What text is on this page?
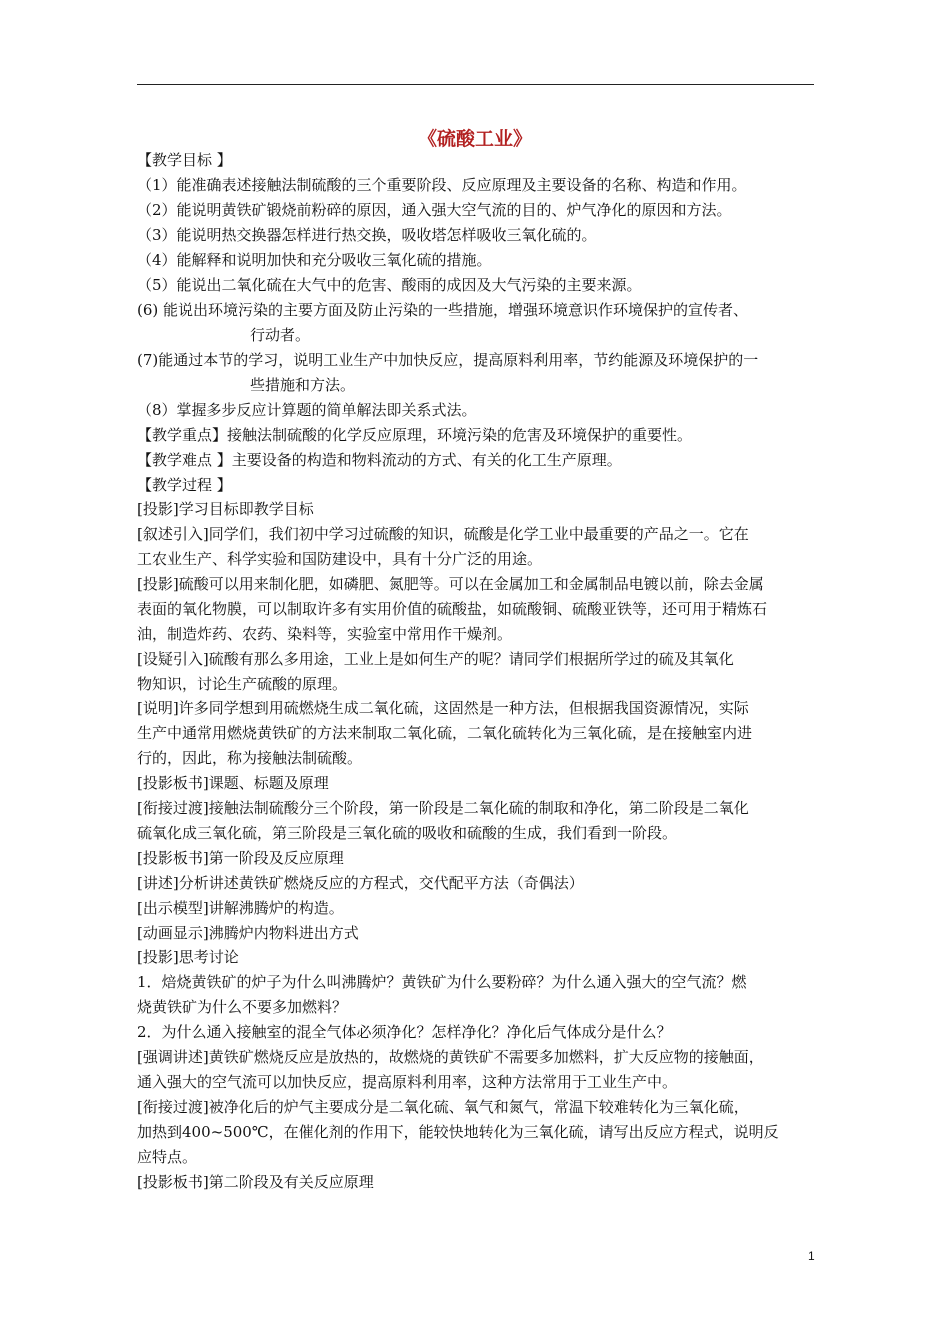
《硫酸工业》
【教学目标 】
（1）能准确表述接触法制硫酸的三个重要阶段、反应原理及主要设备的名称、构造和作用。
（2）能说明黄铁矿锻烧前粉碎的原因，通入强大空气流的目的、炉气净化的原因和方法。
（3）能说明热交换器怎样进行热交换，吸收塔怎样吸收三氧化硫的。
（4）能解释和说明加快和充分吸收三氧化硫的措施。
（5）能说出二氧化硫在大气中的危害、酸雨的成因及大气污染的主要来源。
(6) 能说出环境污染的主要方面及防止污染的一些措施，增强环境意识作环境保护的宣传者、
行动者。
(7)能通过本节的学习，说明工业生产中加快反应，提高原料利用率，节约能源及环境保护的一
些措施和方法。
（8）掌握多步反应计算题的简单解法即关系式法。
【教学重点】接触法制硫酸的化学反应原理，环境污染的危害及环境保护的重要性。
【教学难点 】主要设备的构造和物料流动的方式、有关的化工生产原理。
【教学过程 】
[投影]学习目标即教学目标
[叙述引入]同学们，我们初中学习过硫酸的知识，硫酸是化学工业中最重要的产品之一。它在
工农业生产、科学实验和国防建设中，具有十分广泛的用途。
[投影]硫酸可以用来制化肥，如磷肥、氮肥等。可以在金属加工和金属制品电镀以前，除去金属
表面的氧化物膜，可以制取许多有实用价值的硫酸盐，如硫酸铜、硫酸亚铁等，还可用于精炼石
油，制造炸药、农药、染料等，实验室中常用作干燥剂。
[设疑引入]硫酸有那么多用途，工业上是如何生产的呢？请同学们根据所学过的硫及其氧化
物知识，讨论生产硫酸的原理。
[说明]许多同学想到用硫燃烧生成二氧化硫，这固然是一种方法，但根据我国资源情况，实际
生产中通常用燃烧黄铁矿的方法来制取二氧化硫，二氧化硫转化为三氧化硫，是在接触室内进
行的，因此，称为接触法制硫酸。
[投影板书]课题、标题及原理
[衔接过渡]接触法制硫酸分三个阶段，第一阶段是二氧化硫的制取和净化，第二阶段是二氧化
硫氧化成三氧化硫，第三阶段是三氧化硫的吸收和硫酸的生成，我们看到一阶段。
[投影板书]第一阶段及反应原理
[讲述]分析讲述黄铁矿燃烧反应的方程式，交代配平方法（奇偶法）
[出示模型]讲解沸腾炉的构造。
[动画显示]沸腾炉内物料进出方式
[投影]思考讨论
1．焙烧黄铁矿的炉子为什么叫沸腾炉？黄铁矿为什么要粉碎？为什么通入强大的空气流？燃
烧黄铁矿为什么不要多加燃料？
2．为什么通入接触室的混全气体必须净化？怎样净化？净化后气体成分是什么？
[强调讲述]黄铁矿燃烧反应是放热的，故燃烧的黄铁矿不需要多加燃料，扩大反应物的接触面，
通入强大的空气流可以加快反应，提高原料利用率，这种方法常用于工业生产中。
[衔接过渡]被净化后的炉气主要成分是二氧化硫、氧气和氮气，常温下较难转化为三氧化硫，
加热到400~500℃，在催化剂的作用下，能较快地转化为三氧化硫，请写出反应方程式，说明反
应特点。
[投影板书]第二阶段及有关反应原理
1
